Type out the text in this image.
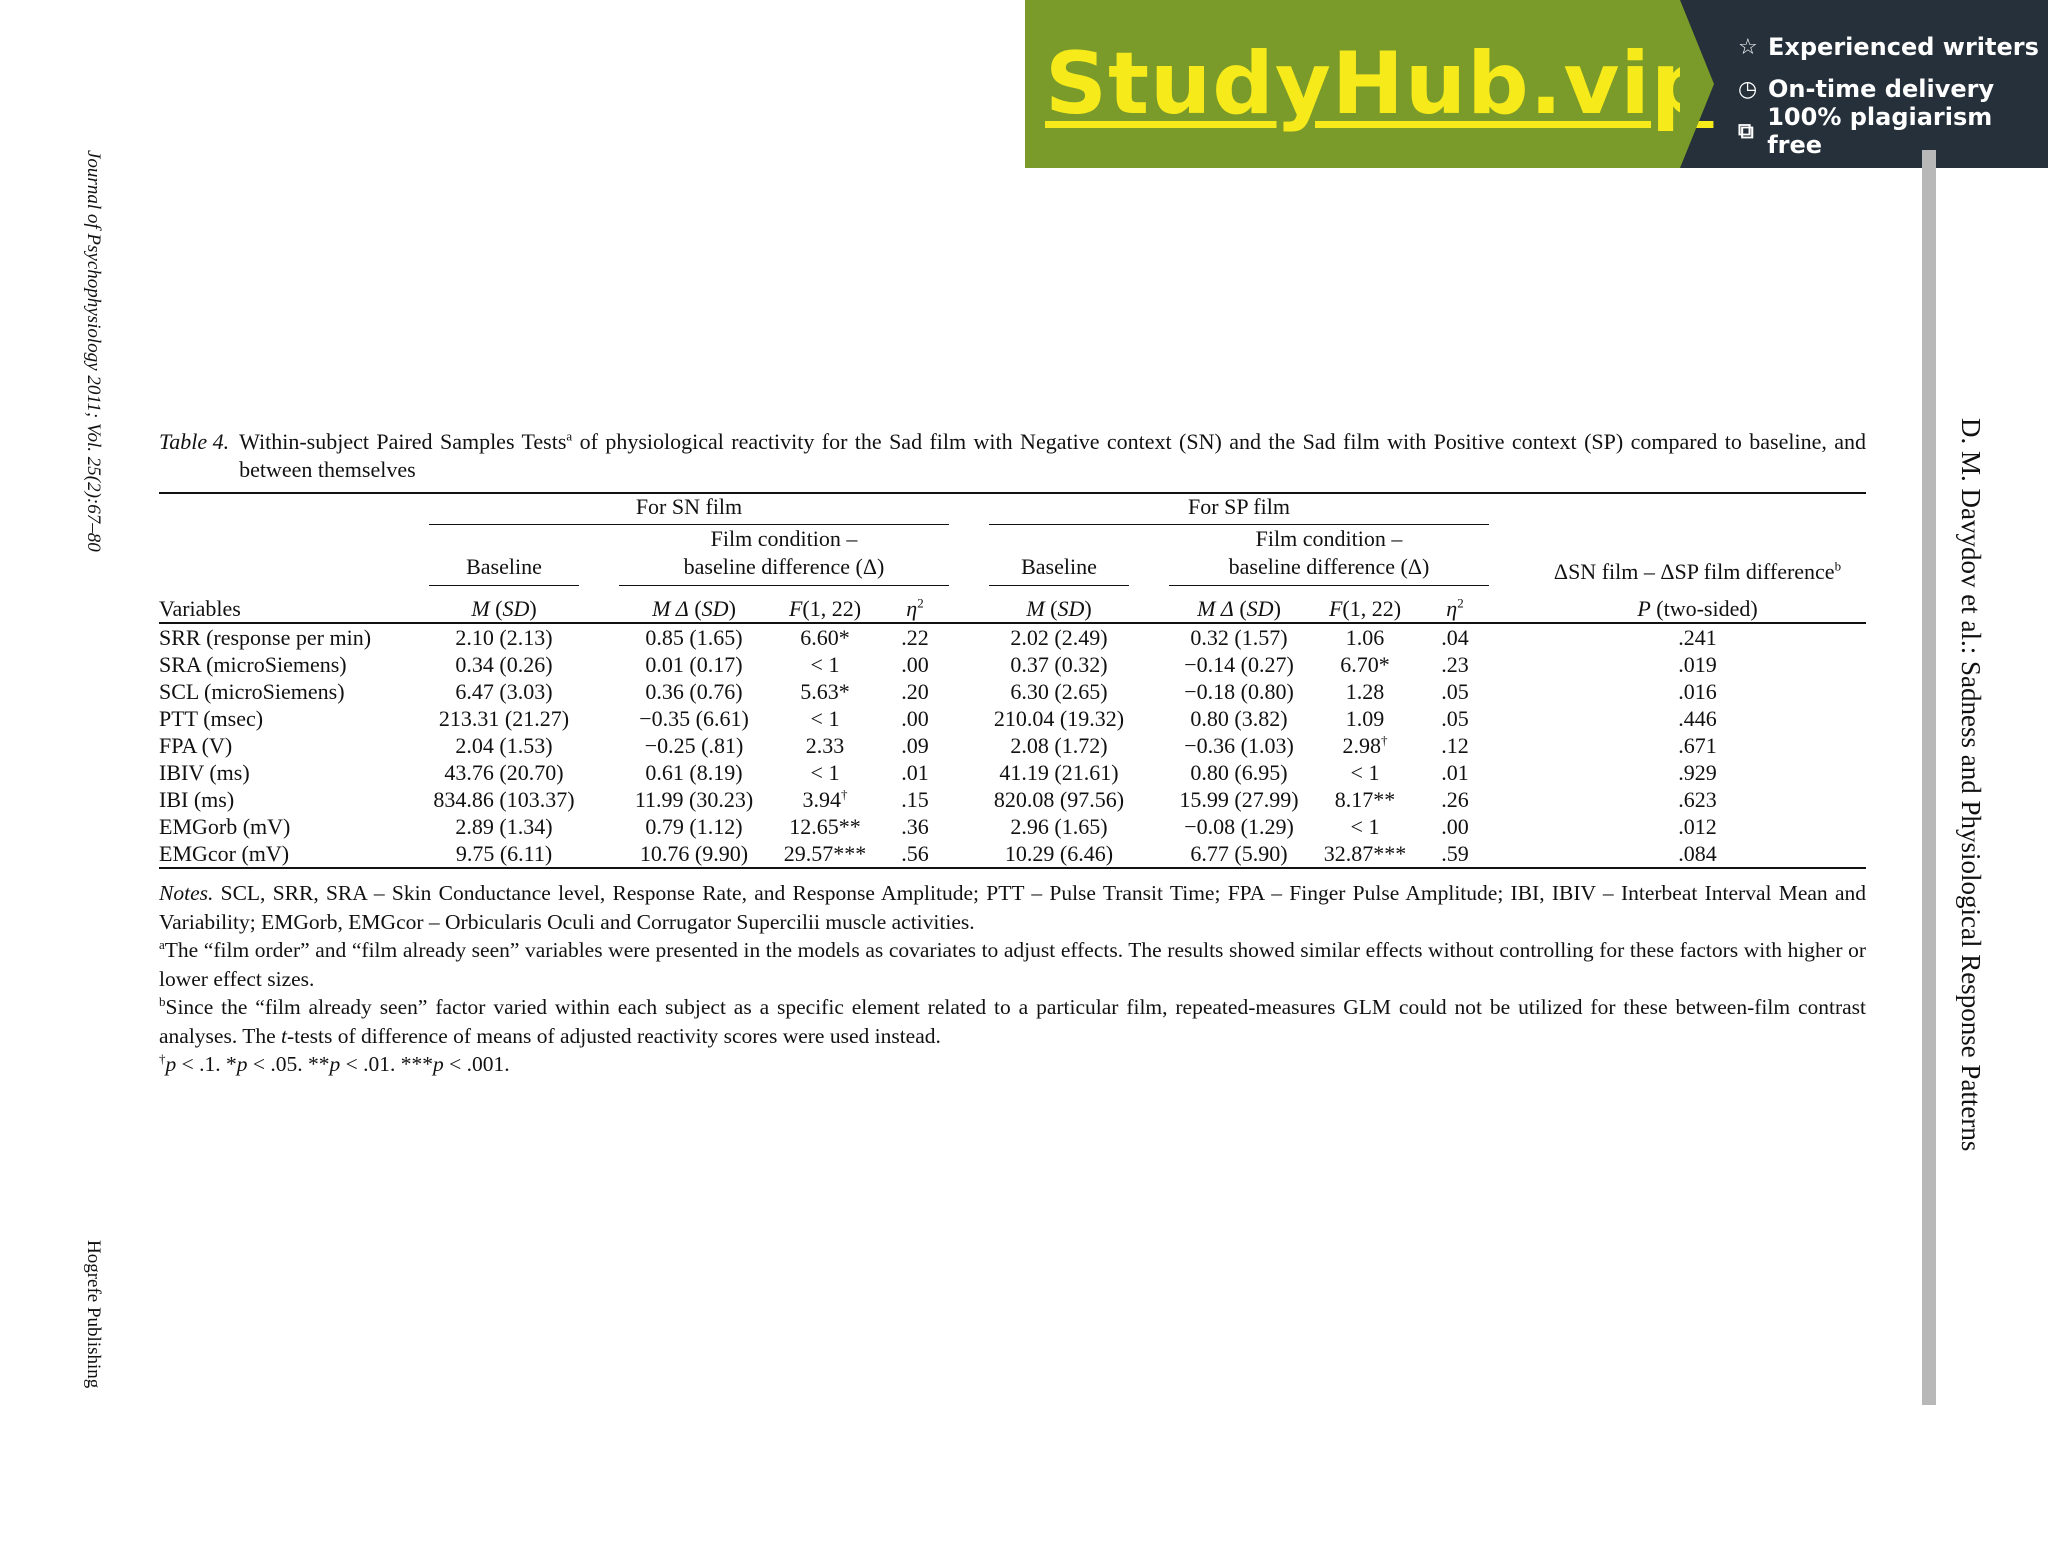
StudyHub.vip ☆ Experienced writers
◷ On-time delivery
⧉ 100% plagiarism free
Journal of Psychophysiology 2011; Vol. 25(2):67–80
Hogrefe Publishing
D. M. Davydov et al.: Sadness and Physiological Response Patterns
Table 4. Within-subject Paired Samples Tests$^a$ of physiological reactivity for the Sad film with Negative context (SN) and the Sad film with Positive context (SP) compared to baseline, and between themselves

	For SN film						For SP film						

	Baseline		Film condition –
baseline difference (Δ)				Baseline		Film condition –
baseline difference (Δ)				ΔSN film – ΔSP film difference$^b$
Variables	M (SD)		M Δ (SD)	F(1, 22)	$\eta^2$		M (SD)		M Δ (SD)	F(1, 22)	$\eta^2$		P (two-sided)
SRR (response per min)	2.10 (2.13)		0.85 (1.65)	6.60*	.22		2.02 (2.49)		0.32 (1.57)	1.06	.04		.241
SRA (microSiemens)	0.34 (0.26)		0.01 (0.17)	< 1	.00		0.37 (0.32)		−0.14 (0.27)	6.70*	.23		.019
SCL (microSiemens)	6.47 (3.03)		0.36 (0.76)	5.63*	.20		6.30 (2.65)		−0.18 (0.80)	1.28	.05		.016
PTT (msec)	213.31 (21.27)		−0.35 (6.61)	< 1	.00		210.04 (19.32)		0.80 (3.82)	1.09	.05		.446
FPA (V)	2.04 (1.53)		−0.25 (.81)	2.33	.09		2.08 (1.72)		−0.36 (1.03)	2.98†	.12		.671
IBIV (ms)	43.76 (20.70)		0.61 (8.19)	< 1	.01		41.19 (21.61)		0.80 (6.95)	< 1	.01		.929
IBI (ms)	834.86 (103.37)		11.99 (30.23)	3.94†	.15		820.08 (97.56)		15.99 (27.99)	8.17**	.26		.623
EMGorb (mV)	2.89 (1.34)		0.79 (1.12)	12.65**	.36		2.96 (1.65)		−0.08 (1.29)	< 1	.00		.012
EMGcor (mV)	9.75 (6.11)		10.76 (9.90)	29.57***	.56		10.29 (6.46)		6.77 (5.90)	32.87***	.59		.084

Notes. SCL, SRR, SRA – Skin Conductance level, Response Rate, and Response Amplitude; PTT – Pulse Transit Time; FPA – Finger Pulse Amplitude; IBI, IBIV – Interbeat Interval Mean and Variability; EMGorb, EMGcor – Orbicularis Oculi and Corrugator Supercilii muscle activities.

$^a$The “film order” and “film already seen” variables were presented in the models as covariates to adjust effects. The results showed similar effects without controlling for these factors with higher or lower effect sizes.

$^b$Since the “film already seen” factor varied within each subject as a specific element related to a particular film, repeated-measures GLM could not be utilized for these between-film contrast analyses. The t-tests of difference of means of adjusted reactivity scores were used instead.

†p < .1. *p < .05. **p < .01. ***p < .001.
